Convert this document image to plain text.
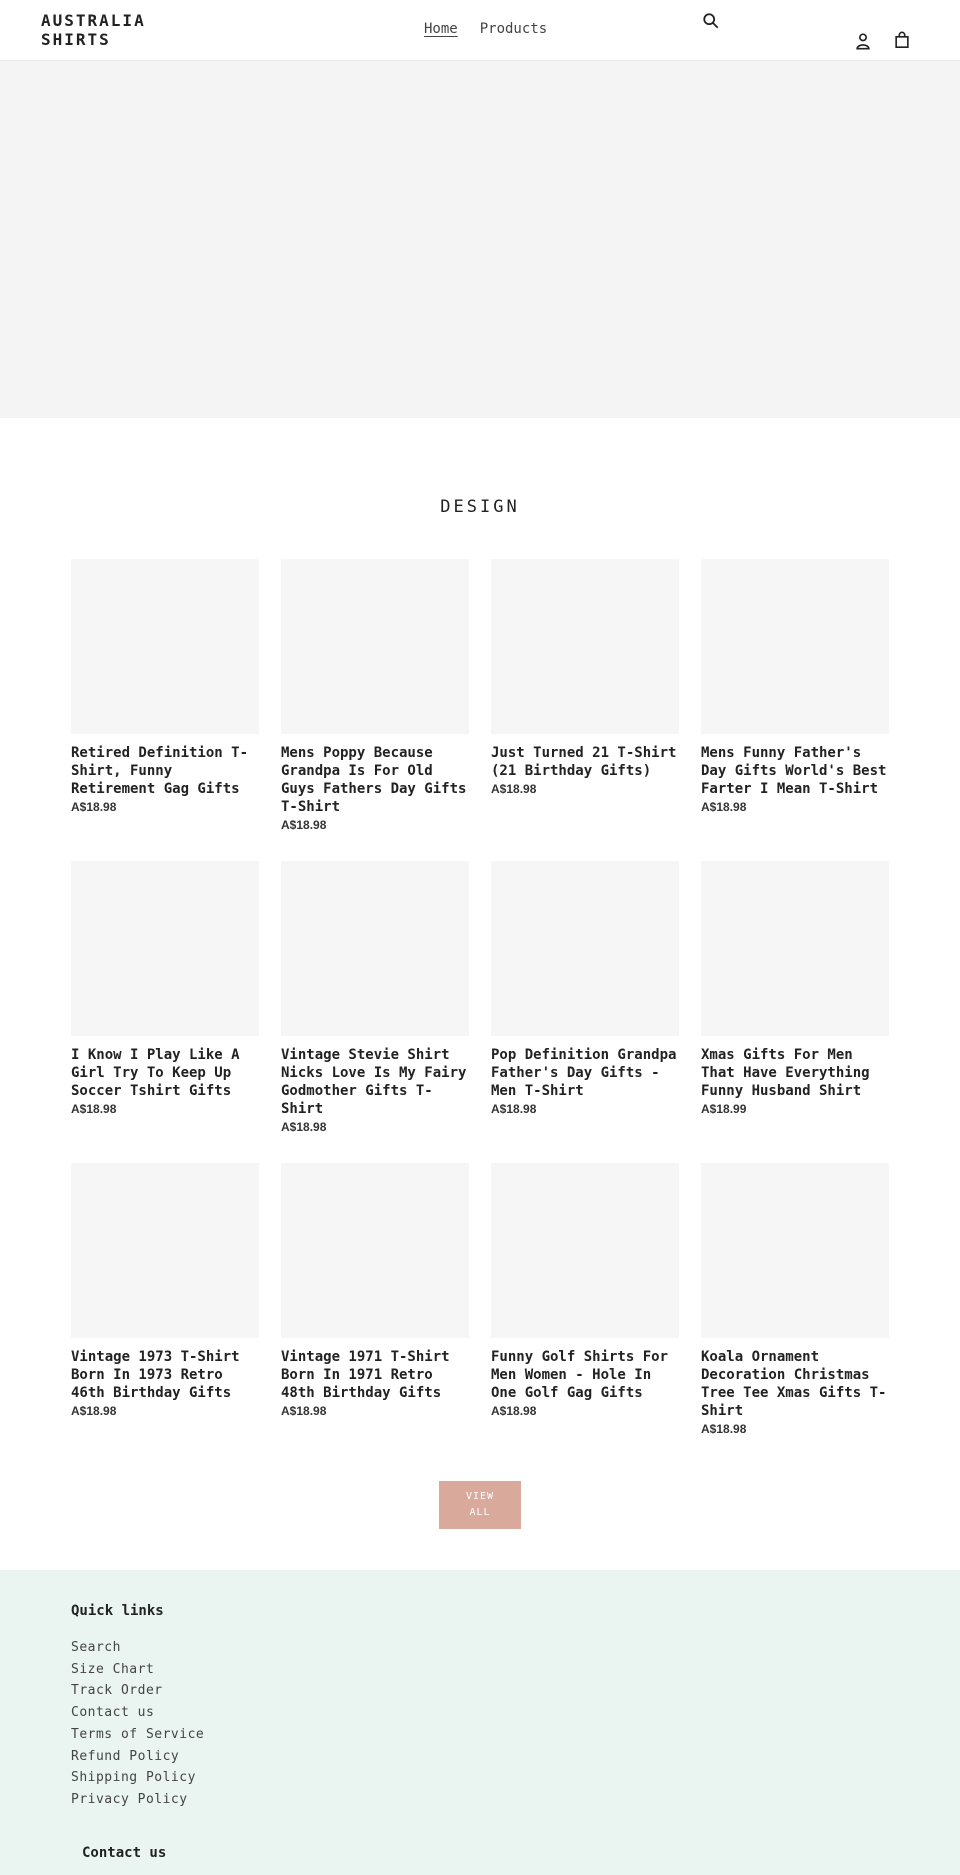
AUSTRALIA SHIRTS
Home Products
DESIGN
Retired Definition T-Shirt, Funny Retirement Gag Gifts
A$18.98
Mens Poppy Because Grandpa Is For Old Guys Fathers Day Gifts T-Shirt
A$18.98
Just Turned 21 T-Shirt (21 Birthday Gifts)
A$18.98
Mens Funny Father's Day Gifts World's Best Farter I Mean T-Shirt
A$18.98
I Know I Play Like A Girl Try To Keep Up Soccer Tshirt Gifts
A$18.98
Vintage Stevie Shirt Nicks Love Is My Fairy Godmother Gifts T-Shirt
A$18.98
Pop Definition Grandpa Father's Day Gifts - Men T-Shirt
A$18.98
Xmas Gifts For Men That Have Everything Funny Husband Shirt
A$18.99
Vintage 1973 T-Shirt Born In 1973 Retro 46th Birthday Gifts
A$18.98
Vintage 1971 T-Shirt Born In 1971 Retro 48th Birthday Gifts
A$18.98
Funny Golf Shirts For Men Women - Hole In One Golf Gag Gifts
A$18.98
Koala Ornament Decoration Christmas Tree Tee Xmas Gifts T-Shirt
A$18.98
VIEW
ALL
Quick links
Search
Size Chart
Track Order
Contact us
Terms of Service
Refund Policy
Shipping Policy
Privacy Policy
Contact us
